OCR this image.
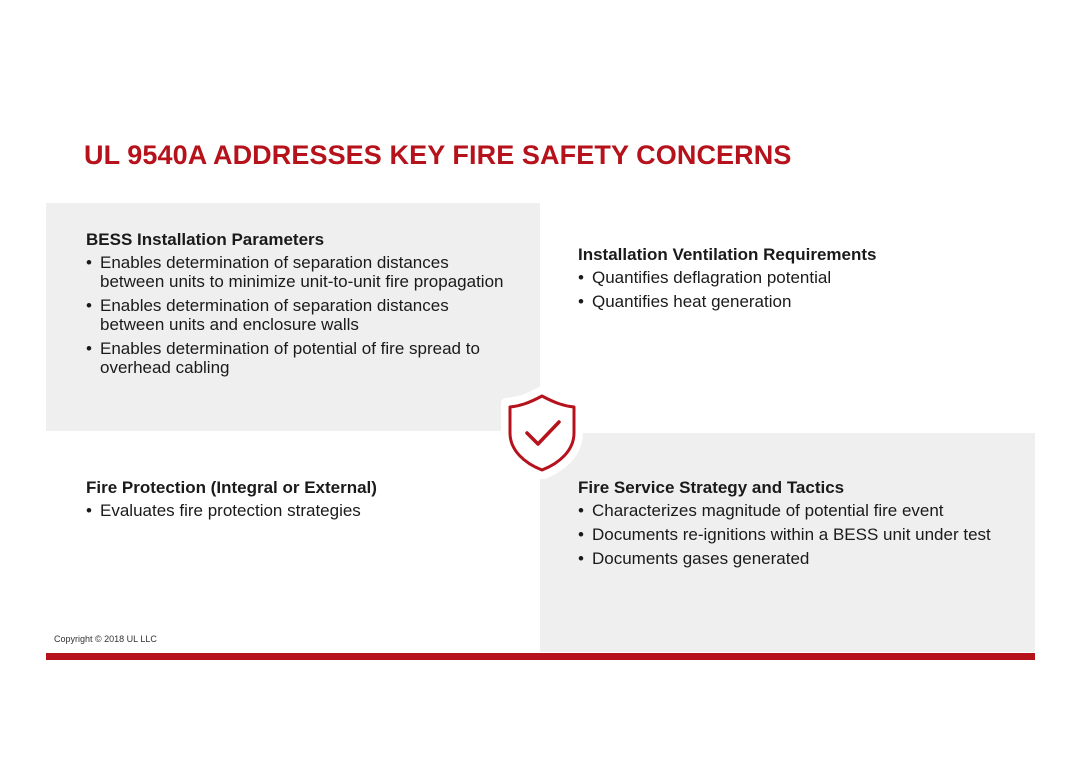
UL 9540A ADDRESSES KEY FIRE SAFETY CONCERNS
BESS Installation Parameters
• Enables determination of separation distances between units to minimize unit-to-unit fire propagation
• Enables determination of separation distances between units and enclosure walls
• Enables determination of potential of fire spread to overhead cabling
Installation Ventilation Requirements
• Quantifies deflagration potential
• Quantifies heat generation
Fire Protection (Integral or External)
• Evaluates fire protection strategies
Fire Service Strategy and Tactics
• Characterizes magnitude of potential fire event
• Documents re-ignitions within a BESS unit under test
• Documents gases generated
Copyright © 2018 UL LLC
